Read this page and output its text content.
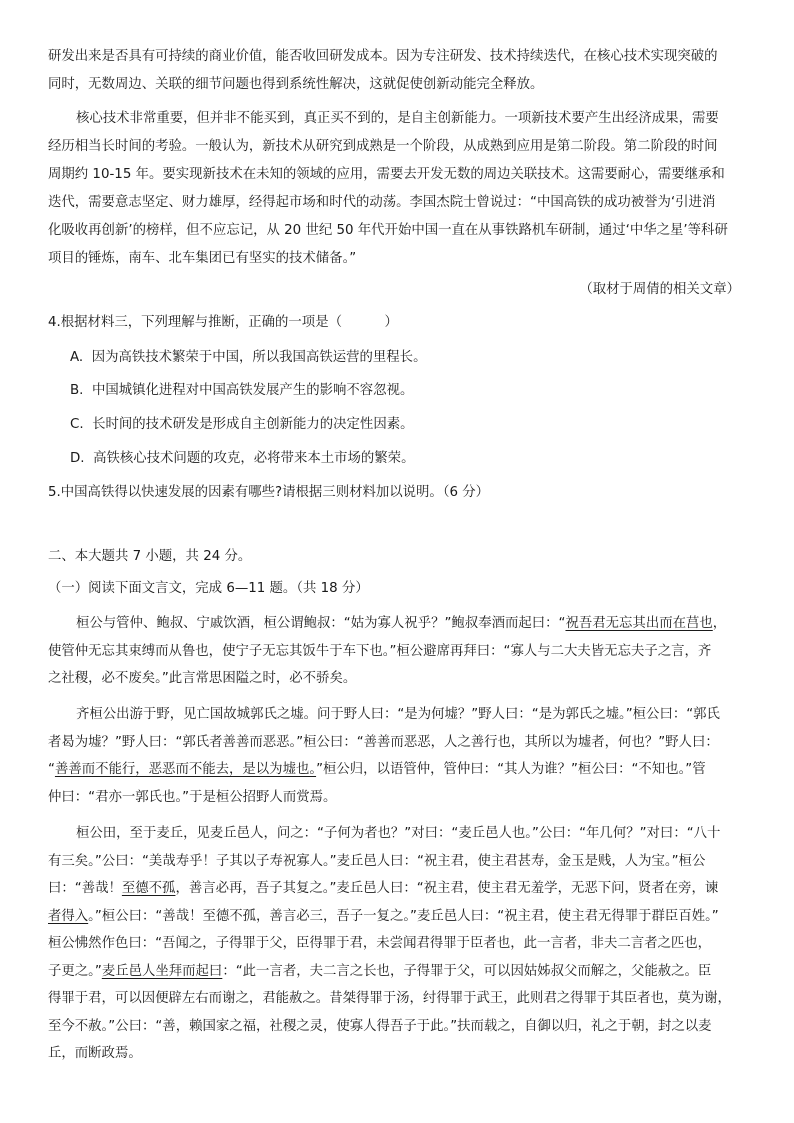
研发出来是否具有可持续的商业价值，能否收回研发成本。因为专注研发、技术持续迭代，在核心技术实现突破的
同时，无数周边、关联的细节问题也得到系统性解决，这就促使创新动能完全释放。
核心技术非常重要，但并非不能买到，真正买不到的，是自主创新能力。一项新技术要产生出经济成果，需要
经历相当长时间的考验。一般认为，新技术从研究到成熟是一个阶段，从成熟到应用是第二阶段。第二阶段的时间
周期约 10-15 年。要实现新技术在未知的领域的应用，需要去开发无数的周边关联技术。这需要耐心，需要继承和
迭代，需要意志坚定、财力雄厚，经得起市场和时代的动荡。李国杰院士曾说过：“中国高铁的成功被誉为‘引进消
化吸收再创新’的榜样，但不应忘记，从 20 世纪 50 年代开始中国一直在从事铁路机车研制，通过‘中华之星’等科研
项目的锤炼，南车、北车集团已有坚实的技术储备。”
（取材于周倩的相关文章）
4.根据材料三，下列理解与推断，正确的一项是（          ）
A.  因为高铁技术繁荣于中国，所以我国高铁运营的里程长。
B.  中国城镇化进程对中国高铁发展产生的影响不容忽视。
C.  长时间的技术研发是形成自主创新能力的决定性因素。
D.  高铁核心技术问题的攻克，必将带来本土市场的繁荣。
5.中国高铁得以快速发展的因素有哪些?请根据三则材料加以说明。（6 分）
二、本大题共 7 小题，共 24 分。
（一）阅读下面文言文，完成 6—11 题。（共 18 分）
桓公与管仲、鲍叔、宁戚饮酒，桓公谓鲍叔：“姑为寡人祝乎？”鲍叔奉酒而起曰：“祝吾君无忘其出而在莒也，
使管仲无忘其束缚而从鲁也，使宁子无忘其饭牛于车下也。”桓公避席再拜曰：“寡人与二大夫皆无忘夫子之言，齐
之社稷，必不废矣。”此言常思困隘之时，必不骄矣。
齐桓公出游于野，见亡国故城郭氏之墟。问于野人曰：“是为何墟？”野人曰：“是为郭氏之墟。”桓公曰：“郭氏
者曷为墟？”野人曰：“郭氏者善善而恶恶。”桓公曰：“善善而恶恶，人之善行也，其所以为墟者，何也？”野人曰：
“善善而不能行，恶恶而不能去，是以为墟也。”桓公归，以语管仲，管仲曰：“其人为谁？”桓公曰：“不知也。”管
仲曰：“君亦一郭氏也。”于是桓公招野人而赏焉。
桓公田，至于麦丘，见麦丘邑人，问之：“子何为者也？”对曰：“麦丘邑人也。”公曰：“年几何？”对曰：“八十
有三矣。”公曰：“美哉寿乎！子其以子寿祝寡人。”麦丘邑人曰：“祝主君，使主君甚寿，金玉是贱，人为宝。”桓公
曰：“善哉！至德不孤，善言必再，吾子其复之。”麦丘邑人曰：“祝主君，使主君无羞学，无恶下问，贤者在旁，谏
者得入。”桓公曰：“善哉！至德不孤，善言必三，吾子一复之。”麦丘邑人曰：“祝主君，使主君无得罪于群臣百姓。”
桓公怫然作色曰：“吾闻之，子得罪于父，臣得罪于君，未尝闻君得罪于臣者也，此一言者，非夫二言者之匹也，
子更之。”麦丘邑人坐拜而起曰：“此一言者，夫二言之长也，子得罪于父，可以因姑姊叔父而解之，父能赦之。臣
得罪于君，可以因便辟左右而谢之，君能赦之。昔桀得罪于汤，纣得罪于武王，此则君之得罪于其臣者也，莫为谢，
至今不赦。”公曰：“善，赖国家之福，社稷之灵，使寡人得吾子于此。”扶而载之，自御以归，礼之于朝，封之以麦
丘，而断政焉。
